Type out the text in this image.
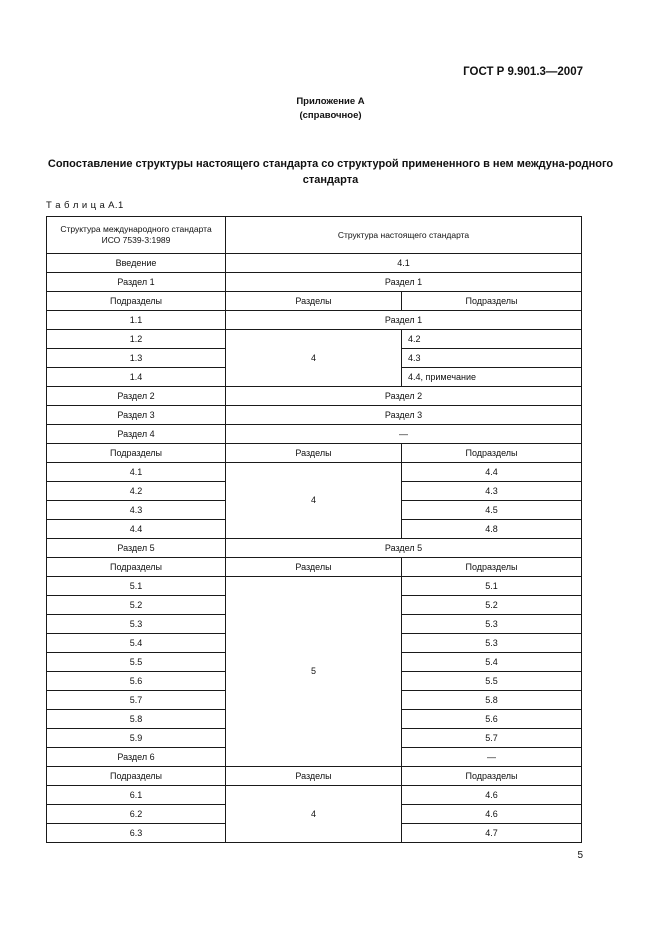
ГОСТ Р 9.901.3—2007
Приложение А
(справочное)
Сопоставление структуры настоящего стандарта со структурой примененного в нем междуна-родного стандарта
Т а б л и ц а А.1
Структура международного стандарта ИСО 7539-3:1989	Структура настоящего стандарта	
Введение	4.1	
Раздел 1	Раздел 1	
Подразделы	Разделы	Подразделы
1.1	Раздел 1	
1.2	4	4.2
1.3		4.3
1.4		4.4, примечание
Раздел 2	Раздел 2	
Раздел 3	Раздел 3	
Раздел 4	—	
Подразделы	Разделы	Подразделы
4.1	4	4.4
4.2		4.3
4.3		4.5
4.4		4.8
Раздел 5	Раздел 5	
Подразделы	Разделы	Подразделы
5.1	5	5.1
5.2		5.2
5.3		5.3
5.4		5.3
5.5		5.4
5.6		5.5
5.7		5.8
5.8		5.6
5.9		5.7
Раздел 6		—
Подразделы	Разделы	Подразделы
6.1	4	4.6
6.2		4.6
6.3		4.7
5
